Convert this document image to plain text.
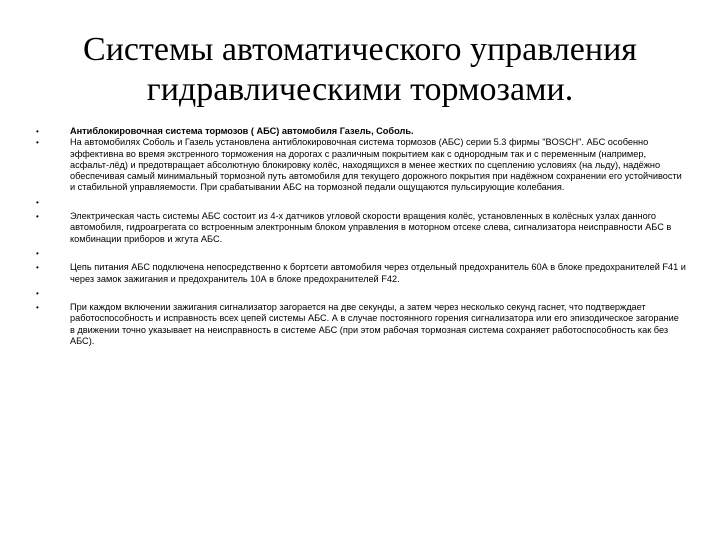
Системы автоматического управления гидравлическими тормозами.
•	Антиблокировочная система тормозов ( АБС) автомобиля Газель, Соболь.
•	На автомобилях Соболь и Газель установлена антиблокировочная система тормозов (АБС) серии 5.3 фирмы "BOSCH". АБС особенно эффективна во время экстренного торможения на дорогах с различным покрытием как с однородным так и с переменным (например, асфальт-лёд) и предотвращает абсолютную блокировку колёс, находящихся в менее жестких по сцеплению условиях (на льду), надёжно обеспечивая самый минимальный тормозной путь автомобиля для текущего дорожного покрытия при надёжном сохранении его устойчивости и стабильной управляемости. При срабатывании АБС на тормозной педали ощущаются пульсирующие колебания.
•
•	Электрическая часть системы АБС состоит из 4-х датчиков угловой скорости вращения колёс, установленных в колёсных узлах данного автомобиля, гидроагрегата со встроенным электронным блоком управления в моторном отсеке слева, сигнализатора неисправности АБС в комбинации приборов и жгута АБС.
•
•	Цепь питания АБС подключена непосредственно к бортсети автомобиля через отдельный предохранитель 60А в блоке предохранителей F41 и через замок зажигания и предохранитель 10А в блоке предохранителей F42.
•
•	При каждом включении зажигания сигнализатор загорается на две секунды, а затем через несколько секунд гаснет, что подтверждает работоспособность и исправность всех цепей системы АБС. А в случае постоянного горения сигнализатора или его эпизодическое загорание в движении точно указывает на неисправность в системе АБС (при этом рабочая тормозная система сохраняет работоспособность как без АБС).
